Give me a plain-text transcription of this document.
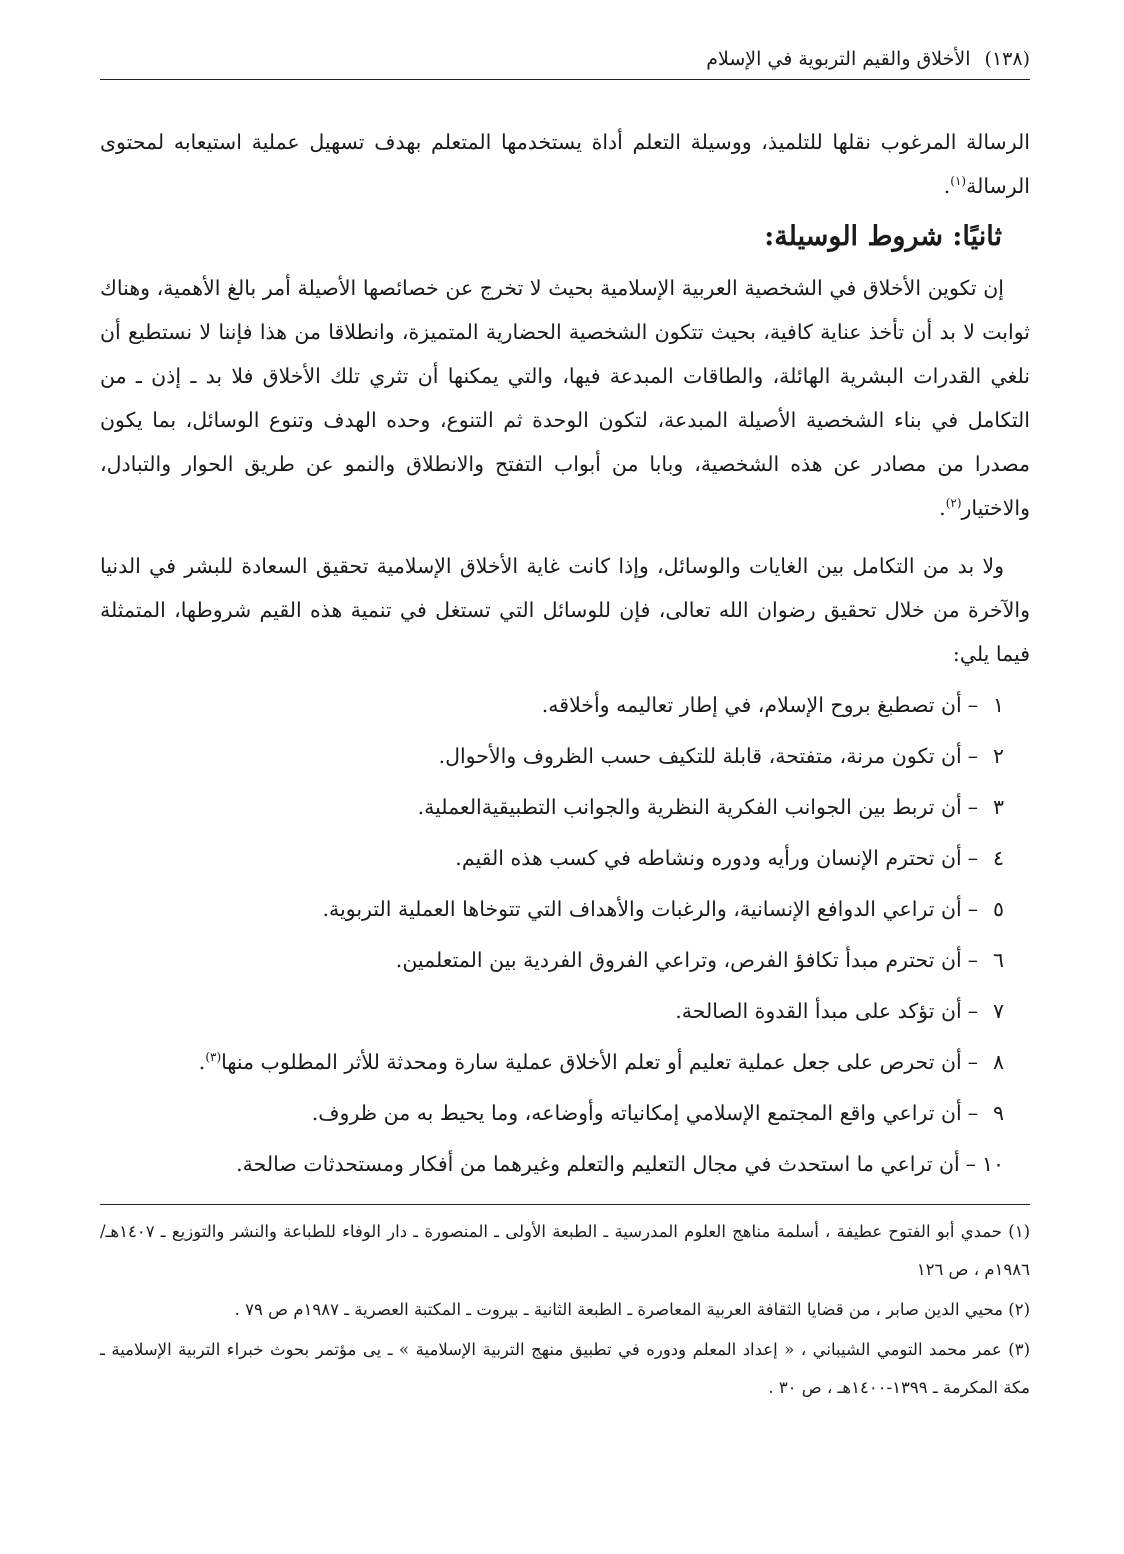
(١٣٨) الأخلاق والقيم التربوية في الإسلام

الرسالة المرغوب نقلها للتلميذ، ووسيلة التعلم أداة يستخدمها المتعلم بهدف تسهيل عملية استيعابه لمحتوى الرسالة$^{(١)}$.

ثانيًا: شروط الوسيلة:

إن تكوين الأخلاق في الشخصية العربية الإسلامية بحيث لا تخرج عن خصائصها الأصيلة أمر بالغ الأهمية، وهناك ثوابت لا بد أن تأخذ عناية كافية، بحيث تتكون الشخصية الحضارية المتميزة، وانطلاقا من هذا فإننا لا نستطيع أن نلغي القدرات البشرية الهائلة، والطاقات المبدعة فيها، والتي يمكنها أن تثري تلك الأخلاق فلا بد ـ إذن ـ من التكامل في بناء الشخصية الأصيلة المبدعة، لتكون الوحدة ثم التنوع، وحده الهدف وتنوع الوسائل، بما يكون مصدرا من مصادر عن هذه الشخصية، وبابا من أبواب التفتح والانطلاق والنمو عن طريق الحوار والتبادل، والاختيار$^{(٢)}$.

ولا بد من التكامل بين الغايات والوسائل، وإذا كانت غاية الأخلاق الإسلامية تحقيق السعادة للبشر في الدنيا والآخرة من خلال تحقيق رضوان الله تعالى، فإن للوسائل التي تستغل في تنمية هذه القيم شروطها، المتمثلة فيما يلي:

١–أن تصطبغ بروح الإسلام، في إطار تعاليمه وأخلاقه.
٢–أن تكون مرنة، متفتحة، قابلة للتكيف حسب الظروف والأحوال.
٣–أن تربط بين الجوانب الفكرية النظرية والجوانب التطبيقيةالعملية.
٤–أن تحترم الإنسان ورأيه ودوره ونشاطه في كسب هذه القيم.
٥–أن تراعي الدوافع الإنسانية، والرغبات والأهداف التي تتوخاها العملية التربوية.
٦–أن تحترم مبدأ تكافؤ الفرص، وتراعي الفروق الفردية بين المتعلمين.
٧–أن تؤكد على مبدأ القدوة الصالحة.
٨–أن تحرص على جعل عملية تعليم أو تعلم الأخلاق عملية سارة ومحدثة للأثر المطلوب منها$^{(٣)}$.
٩–أن تراعي واقع المجتمع الإسلامي إمكانياته وأوضاعه، وما يحيط به من ظروف.
١٠–أن تراعي ما استحدث في مجال التعليم والتعلم وغيرهما من أفكار ومستحدثات صالحة.

(١) حمدي أبو الفتوح عطيفة ، أسلمة مناهج العلوم المدرسية ـ الطبعة الأولى ـ المنصورة ـ دار الوفاء للطباعة والنشر والتوزيع ـ ١٤٠٧هـ/ ١٩٨٦م ، ص ١٢٦

(٢) محيي الدين صابر ، من قضايا الثقافة العربية المعاصرة ـ الطبعة الثانية ـ بيروت ـ المكتبة العصرية ـ ١٩٨٧م ص ٧٩ .

(٣) عمر محمد التومي الشيباني ، « إعداد المعلم ودوره في تطبيق منهج التربية الإسلامية » ـ يى مؤتمر بحوث خبراء التربية الإسلامية ـ مكة المكرمة ـ ١٣٩٩-١٤٠٠هـ ، ص ٣٠ .
